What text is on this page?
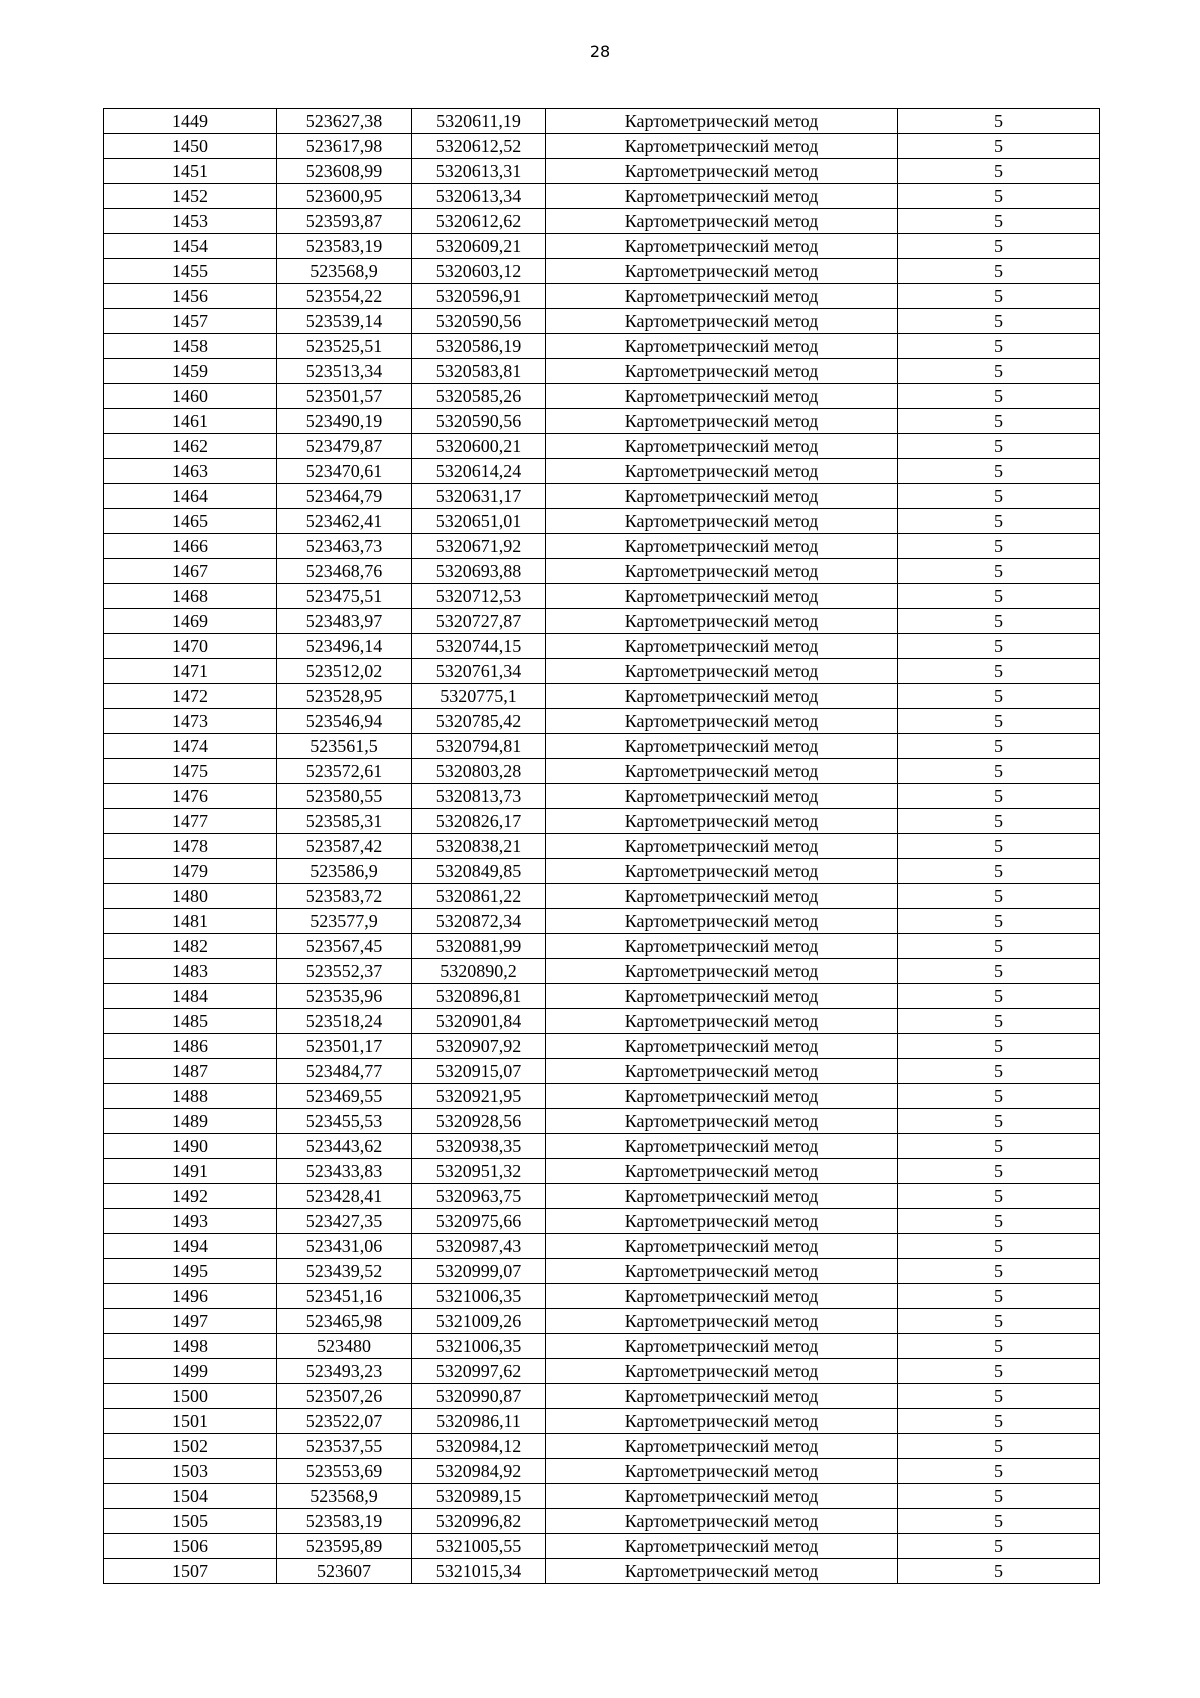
28
1449	523627,38	5320611,19	Картометрический метод	5
1450	523617,98	5320612,52	Картометрический метод	5
1451	523608,99	5320613,31	Картометрический метод	5
1452	523600,95	5320613,34	Картометрический метод	5
1453	523593,87	5320612,62	Картометрический метод	5
1454	523583,19	5320609,21	Картометрический метод	5
1455	523568,9	5320603,12	Картометрический метод	5
1456	523554,22	5320596,91	Картометрический метод	5
1457	523539,14	5320590,56	Картометрический метод	5
1458	523525,51	5320586,19	Картометрический метод	5
1459	523513,34	5320583,81	Картометрический метод	5
1460	523501,57	5320585,26	Картометрический метод	5
1461	523490,19	5320590,56	Картометрический метод	5
1462	523479,87	5320600,21	Картометрический метод	5
1463	523470,61	5320614,24	Картометрический метод	5
1464	523464,79	5320631,17	Картометрический метод	5
1465	523462,41	5320651,01	Картометрический метод	5
1466	523463,73	5320671,92	Картометрический метод	5
1467	523468,76	5320693,88	Картометрический метод	5
1468	523475,51	5320712,53	Картометрический метод	5
1469	523483,97	5320727,87	Картометрический метод	5
1470	523496,14	5320744,15	Картометрический метод	5
1471	523512,02	5320761,34	Картометрический метод	5
1472	523528,95	5320775,1	Картометрический метод	5
1473	523546,94	5320785,42	Картометрический метод	5
1474	523561,5	5320794,81	Картометрический метод	5
1475	523572,61	5320803,28	Картометрический метод	5
1476	523580,55	5320813,73	Картометрический метод	5
1477	523585,31	5320826,17	Картометрический метод	5
1478	523587,42	5320838,21	Картометрический метод	5
1479	523586,9	5320849,85	Картометрический метод	5
1480	523583,72	5320861,22	Картометрический метод	5
1481	523577,9	5320872,34	Картометрический метод	5
1482	523567,45	5320881,99	Картометрический метод	5
1483	523552,37	5320890,2	Картометрический метод	5
1484	523535,96	5320896,81	Картометрический метод	5
1485	523518,24	5320901,84	Картометрический метод	5
1486	523501,17	5320907,92	Картометрический метод	5
1487	523484,77	5320915,07	Картометрический метод	5
1488	523469,55	5320921,95	Картометрический метод	5
1489	523455,53	5320928,56	Картометрический метод	5
1490	523443,62	5320938,35	Картометрический метод	5
1491	523433,83	5320951,32	Картометрический метод	5
1492	523428,41	5320963,75	Картометрический метод	5
1493	523427,35	5320975,66	Картометрический метод	5
1494	523431,06	5320987,43	Картометрический метод	5
1495	523439,52	5320999,07	Картометрический метод	5
1496	523451,16	5321006,35	Картометрический метод	5
1497	523465,98	5321009,26	Картометрический метод	5
1498	523480	5321006,35	Картометрический метод	5
1499	523493,23	5320997,62	Картометрический метод	5
1500	523507,26	5320990,87	Картометрический метод	5
1501	523522,07	5320986,11	Картометрический метод	5
1502	523537,55	5320984,12	Картометрический метод	5
1503	523553,69	5320984,92	Картометрический метод	5
1504	523568,9	5320989,15	Картометрический метод	5
1505	523583,19	5320996,82	Картометрический метод	5
1506	523595,89	5321005,55	Картометрический метод	5
1507	523607	5321015,34	Картометрический метод	5
